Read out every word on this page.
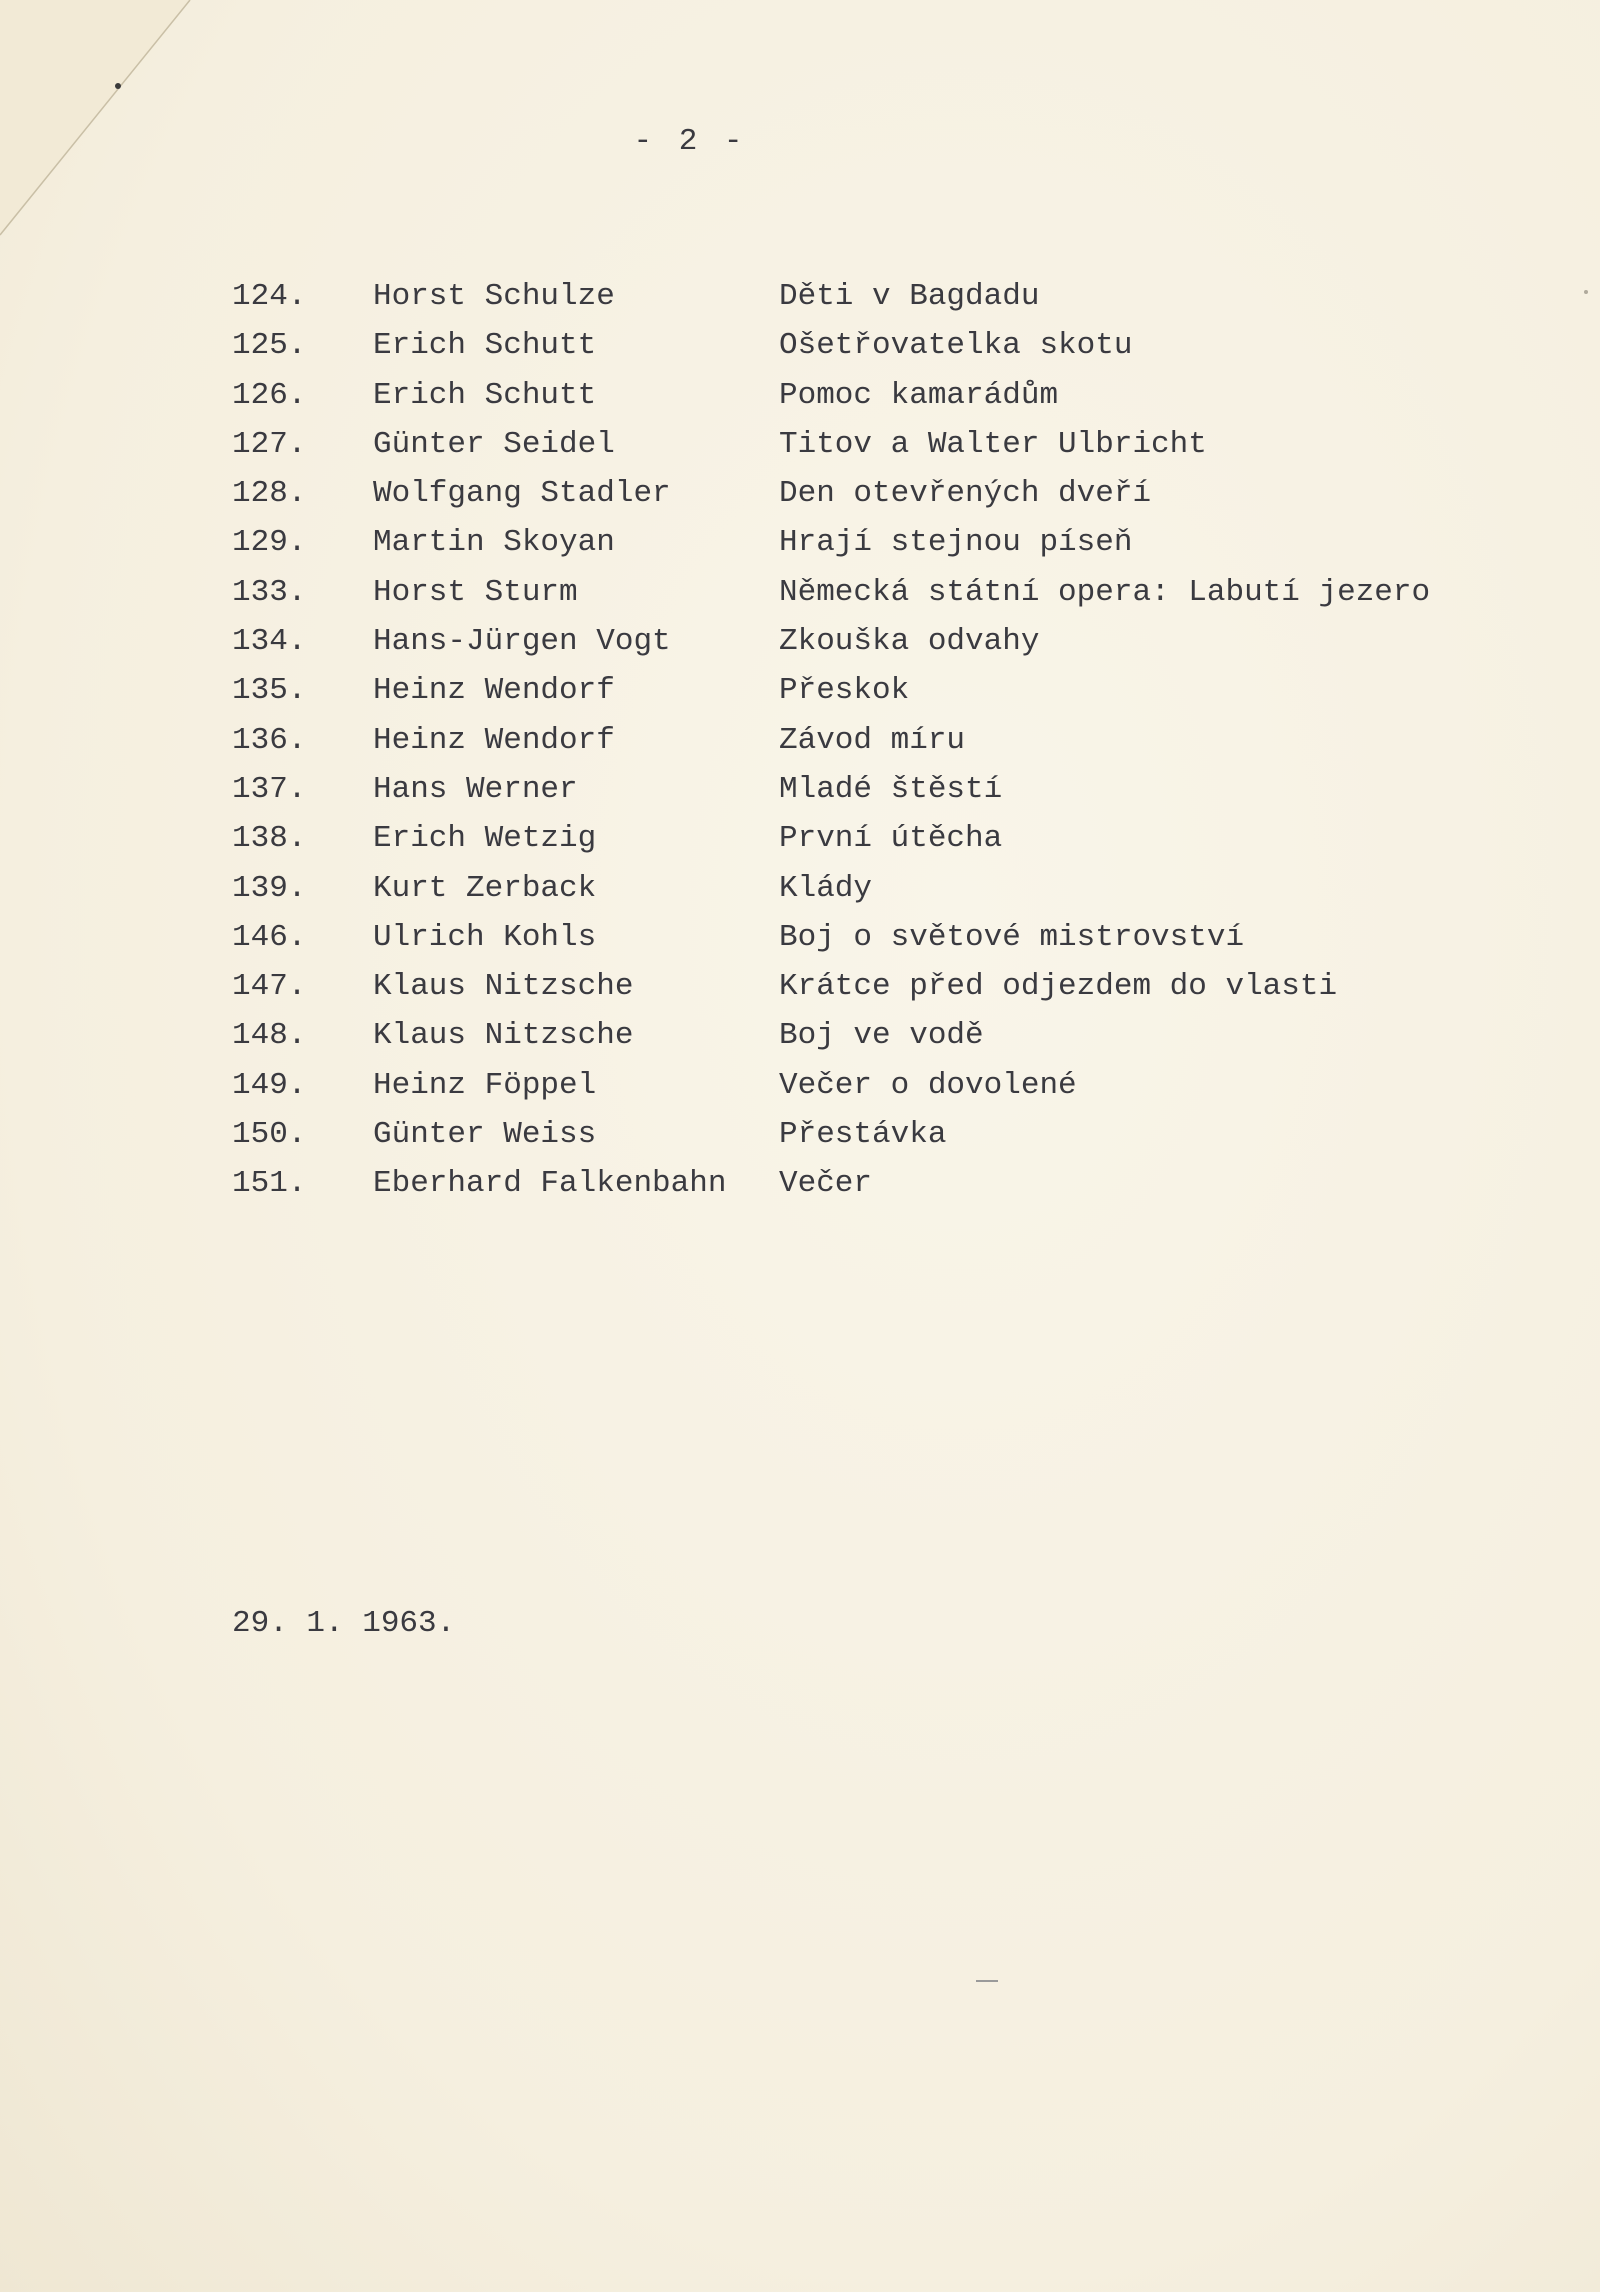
- 2 -
124.	Horst Schulze	Děti v Bagdadu
125.	Erich Schutt	Ošetřovatelka skotu
126.	Erich Schutt	Pomoc kamarádům
127.	Günter Seidel	Titov a Walter Ulbricht
128.	Wolfgang Stadler	Den otevřených dveří
129.	Martin Skoyan	Hrají stejnou píseň
133.	Horst Sturm	Německá státní opera: Labutí jezero
134.	Hans-Jürgen Vogt	Zkouška odvahy
135.	Heinz Wendorf	Přeskok
136.	Heinz Wendorf	Závod míru
137.	Hans Werner	Mladé štěstí
138.	Erich Wetzig	První útěcha
139.	Kurt Zerback	Klády
146.	Ulrich Kohls	Boj o světové mistrovství
147.	Klaus Nitzsche	Krátce před odjezdem do vlasti
148.	Klaus Nitzsche	Boj ve vodě
149.	Heinz Föppel	Večer o dovolené
150.	Günter Weiss	Přestávka
151.	Eberhard Falkenbahn	Večer
29. 1. 1963.
